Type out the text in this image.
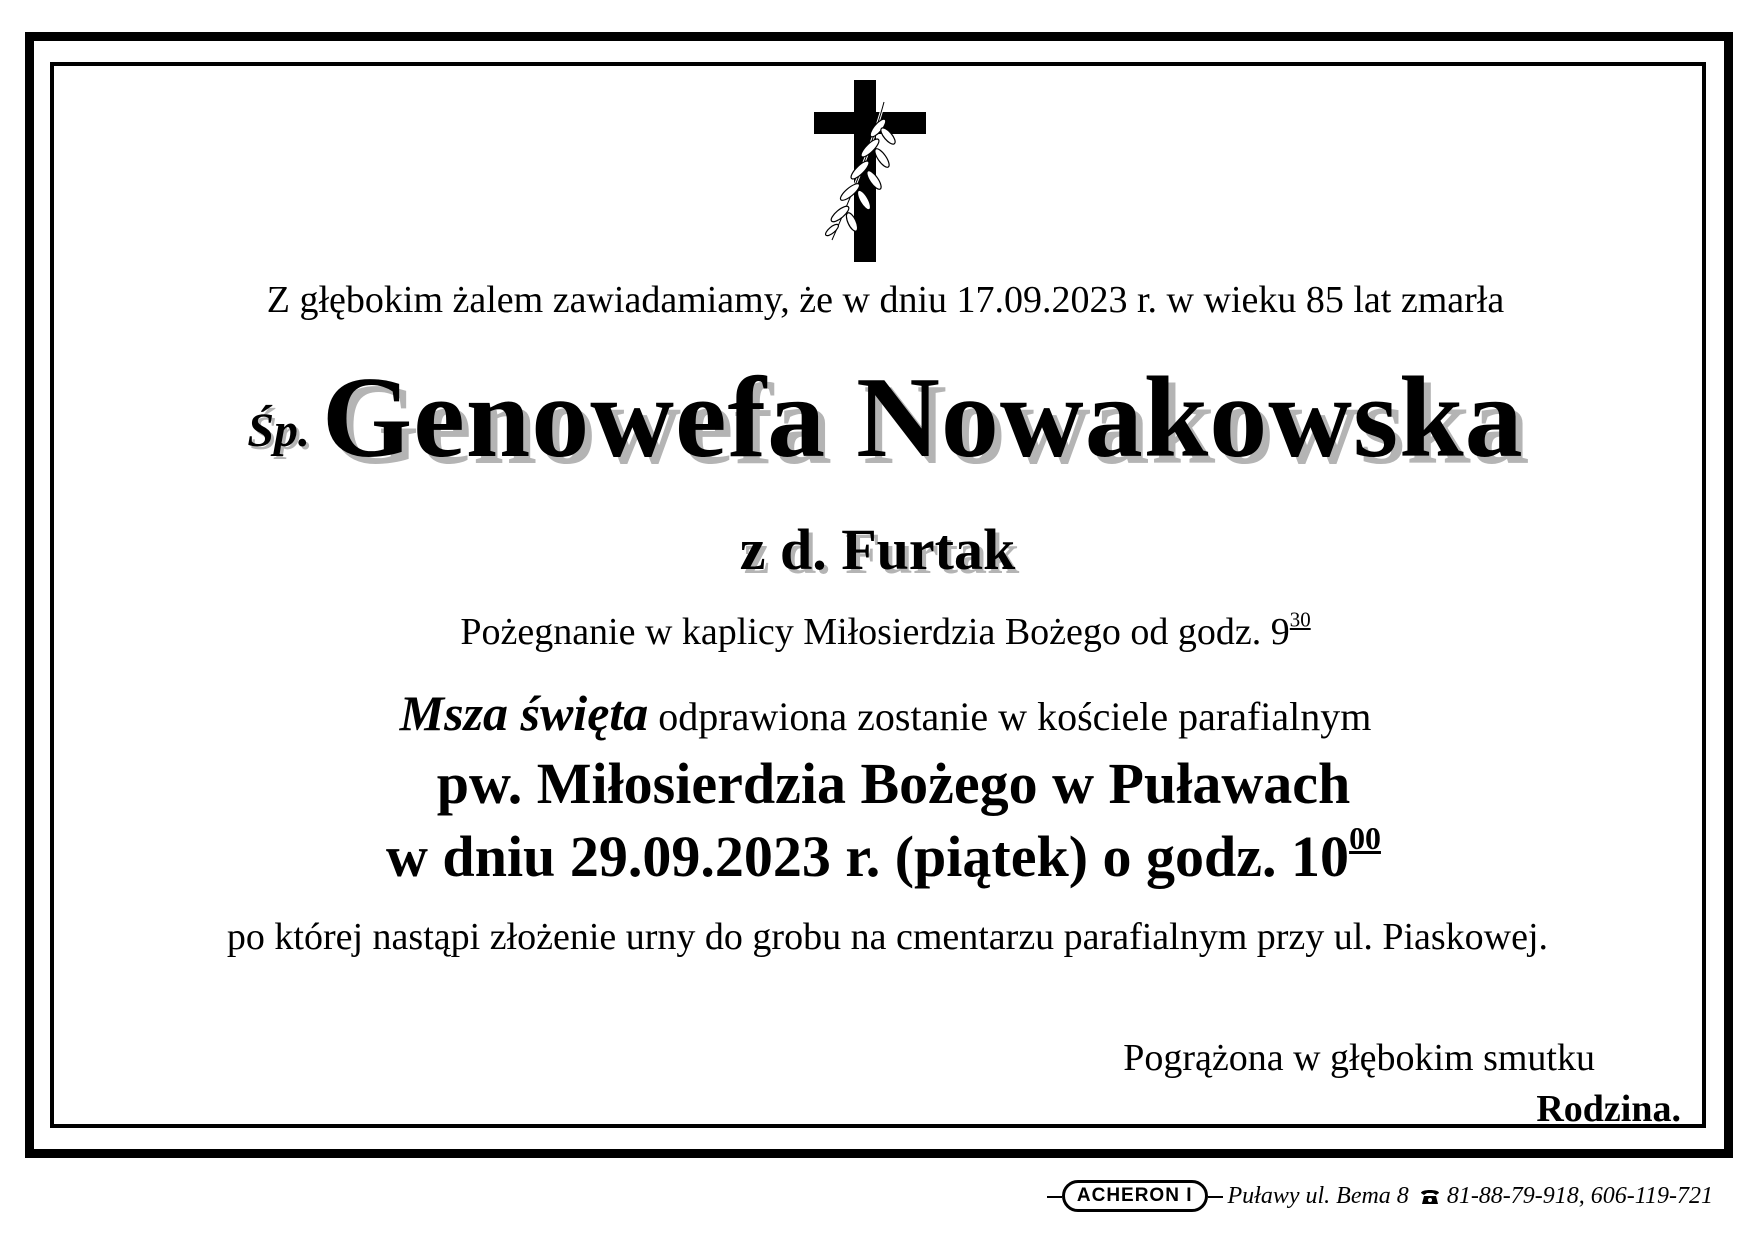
Z głębokim żalem zawiadamiamy, że w dniu 17.09.2023 r. w wieku 85 lat zmarła
Śp. Genowefa Nowakowska
z d. Furtak
Pożegnanie w kaplicy Miłosierdzia Bożego od godz. $9^{30}$
Msza święta odprawiona zostanie w kościele parafialnym
pw. Miłosierdzia Bożego w Puławach
w dniu 29.09.2023 r. (piątek) o godz. $10^{00}$
po której nastąpi złożenie urny do grobu na cmentarzu parafialnym przy ul. Piaskowej.
Pogrążona w głębokim smutku
Rodzina.
ACHERON I	Puławy ul. Bema 8 81-88-79-918, 606-119-721
